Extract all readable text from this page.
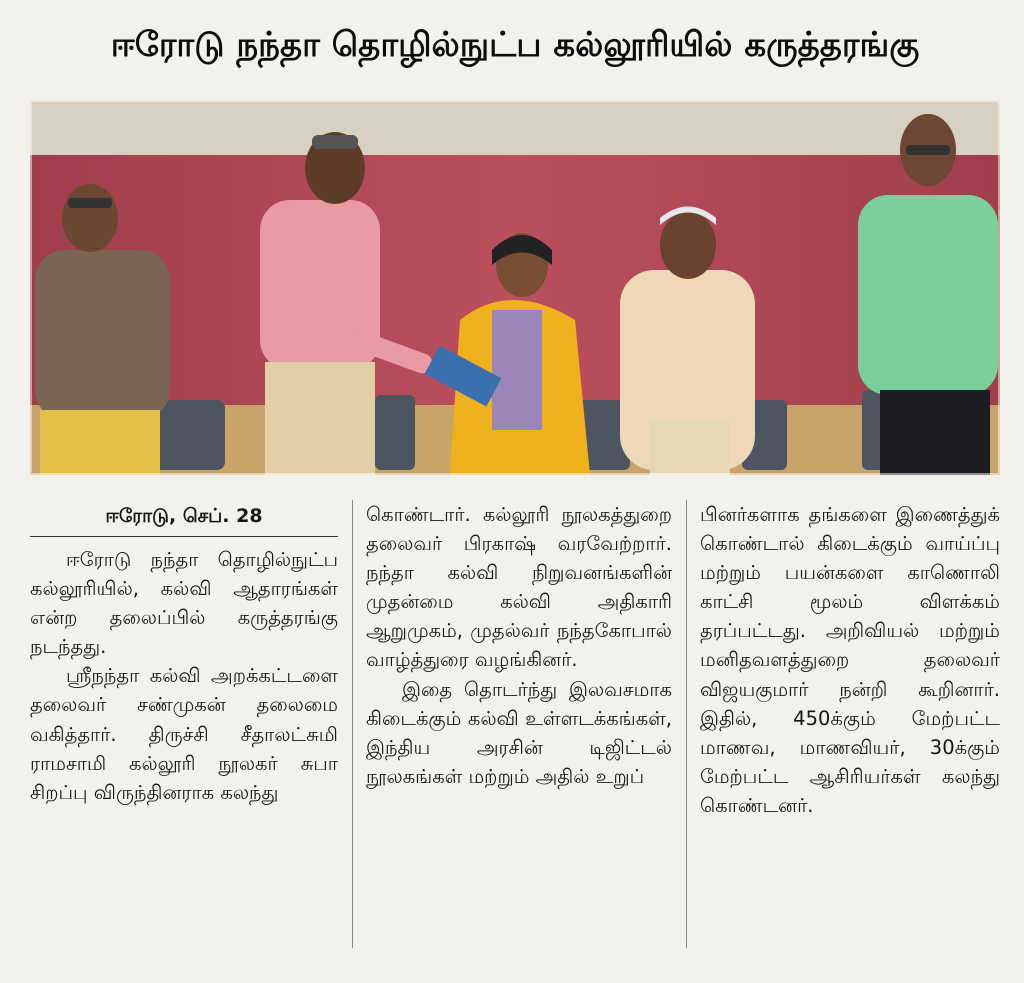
ஈரோடு நந்தா தொழில்நுட்ப கல்லூரியில் கருத்தரங்கு
ஈரோடு, செப். 28

ஈரோடு நந்தா தொழில்நுட்ப கல்லூரியில், கல்வி ஆதாரங்கள் என்ற தலைப்பில் கருத்தரங்கு நடந்தது.

ஸ்ரீநந்தா கல்வி அறக்கட்டளை தலைவர் சண்முகன் தலைமை வகித்தார். திருச்சி சீதாலட்சுமி ராமசாமி கல்லூரி நூலகர் சுபா சிறப்பு விருந்தினராக கலந்து

கொண்டார். கல்லூரி நூலகத்துறை தலைவர் பிரகாஷ் வரவேற்றார். நந்தா கல்வி நிறுவனங்களின் முதன்மை கல்வி அதிகாரி ஆறுமுகம், முதல்வர் நந்தகோபால் வாழ்த்துரை வழங்கினர்.

இதை தொடர்ந்து இலவசமாக கிடைக்கும் கல்வி உள்ளடக்கங்கள், இந்திய அரசின் டிஜிட்டல் நூலகங்கள் மற்றும் அதில் உறுப்

பினர்களாக தங்களை இணைத்துக் கொண்டால் கிடைக்கும் வாய்ப்பு மற்றும் பயன்களை காணொலி காட்சி மூலம் விளக்கம் தரப்பட்டது. அறிவியல் மற்றும் மனிதவளத்துறை தலைவர் விஜயகுமார் நன்றி கூறினார். இதில், 450க்கும் மேற்பட்ட மாணவ, மாணவியர், 30க்கும் மேற்பட்ட ஆசிரியர்கள் கலந்து கொண்டனர்.
